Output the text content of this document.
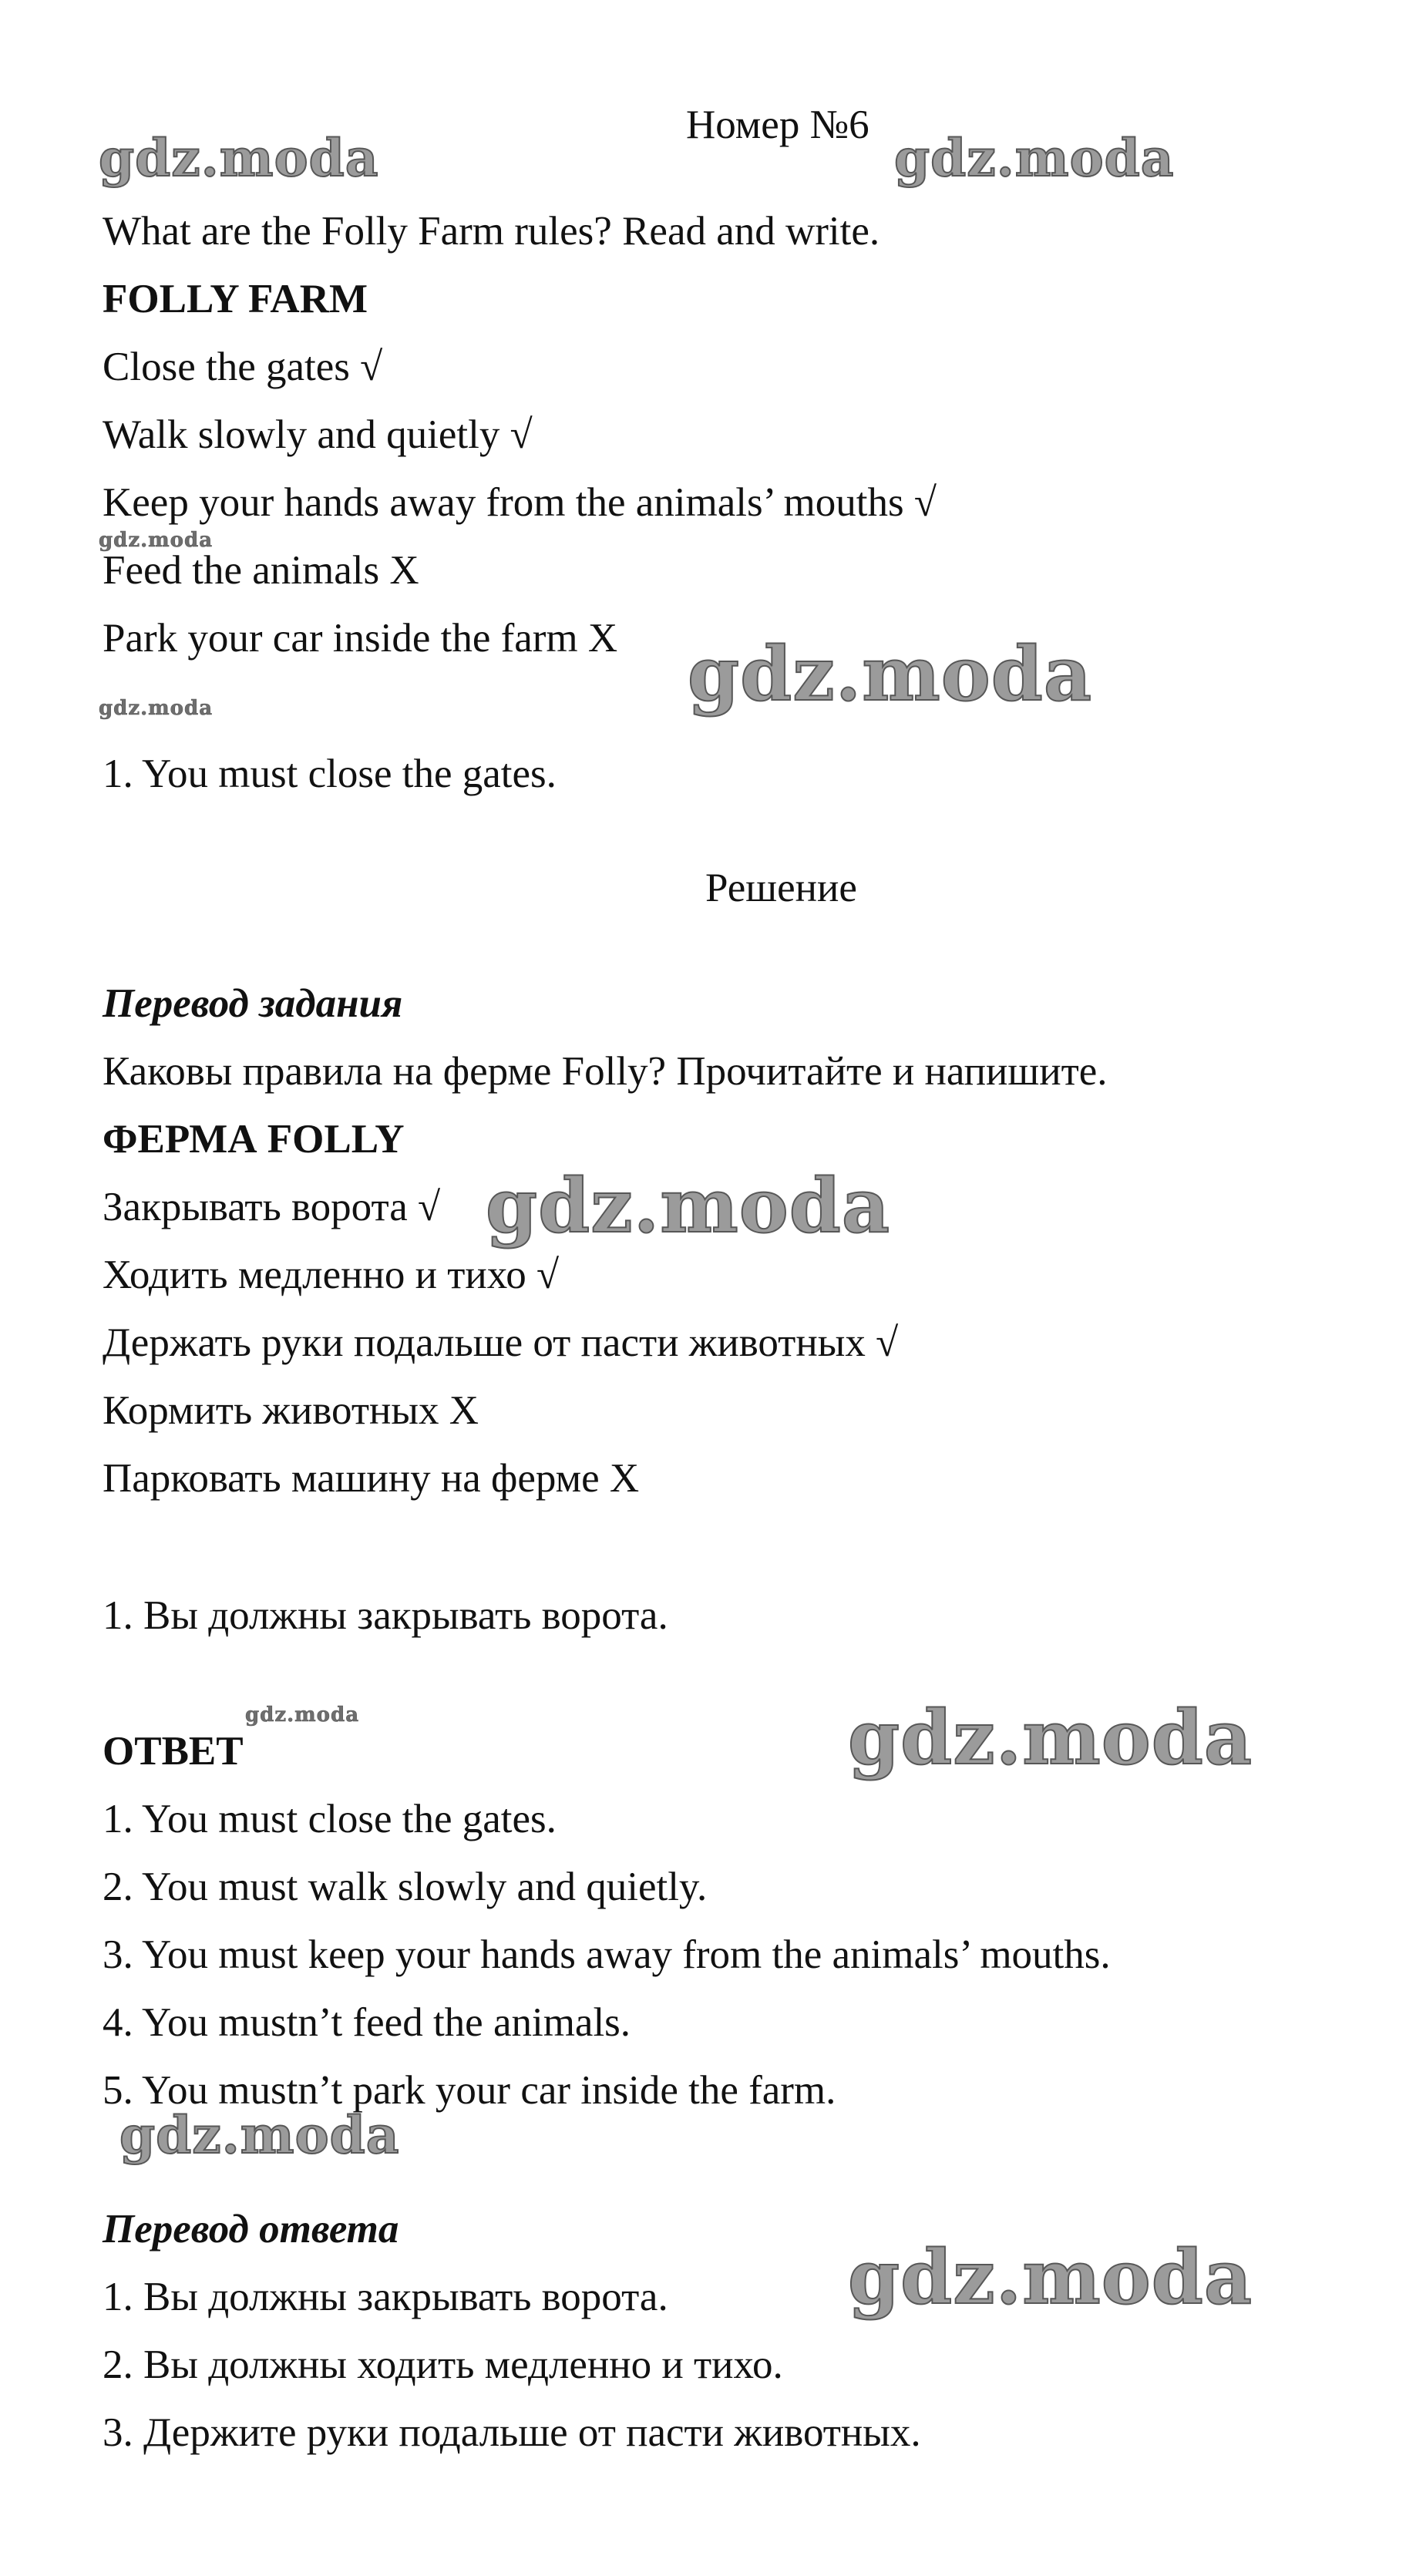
Номер №6
What are the Folly Farm rules? Read and write.
FOLLY FARM
Close the gates √
Walk slowly and quietly √
Keep your hands away from the animals’ mouths √
Feed the animals X
Park your car inside the farm X
1. You must close the gates.
Решение
Перевод задания
Каковы правила на ферме Folly? Прочитайте и напишите.
ФЕРМА FOLLY
Закрывать ворота √
Ходить медленно и тихо √
Держать руки подальше от пасти животных √
Кормить животных X
Парковать машину на ферме X
1. Вы должны закрывать ворота.
ОТВЕТ
1. You must close the gates.
2. You must walk slowly and quietly.
3. You must keep your hands away from the animals’ mouths.
4. You mustn’t feed the animals.
5. You mustn’t park your car inside the farm.
Перевод ответа
1. Вы должны закрывать ворота.
2. Вы должны ходить медленно и тихо.
3. Держите руки подальше от пасти животных.
gdz.moda	gdz.moda
gdz.moda
gdz.moda
gdz.moda
gdz.moda
gdz.moda	gdz.moda
gdz.moda
gdz.moda
